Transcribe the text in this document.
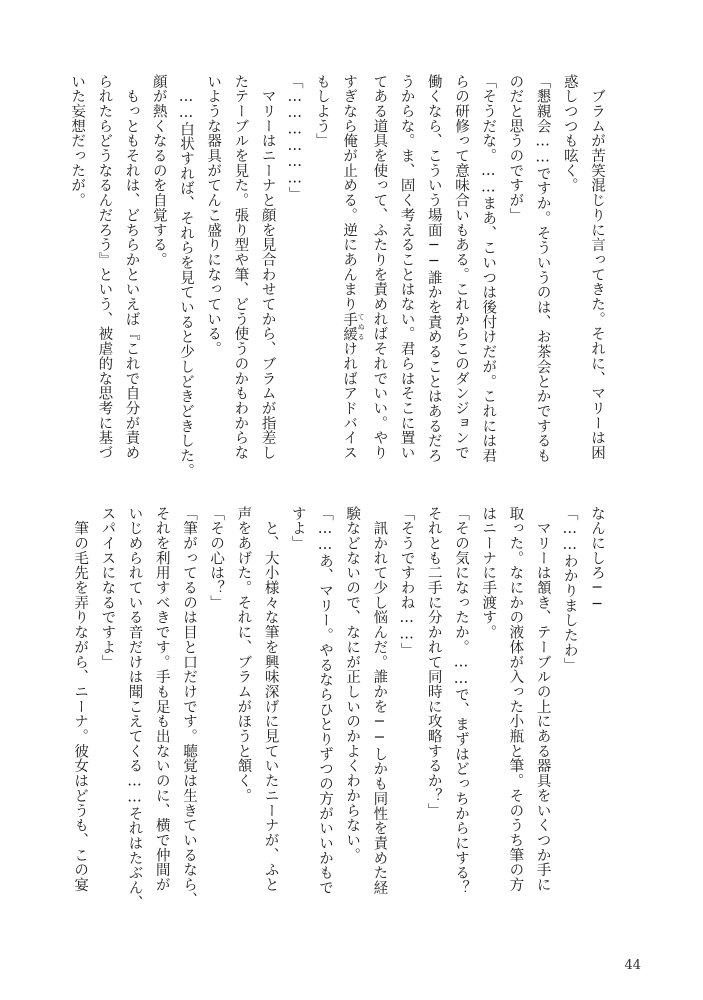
　ブラムが苦笑混じりに言ってきた。それに、マリーは困
惑しつつも呟く。
「懇親会……ですか。そういうのは、お茶会とかでするも
のだと思うのですが」
「そうだな。……まあ、こいつは後付けだが。これには君
らの研修って意味合いもある。これからこのダンジョンで
働くなら、こういう場面──誰かを責めることはあるだろ
うからな。ま、固く考えることはない。君らはそこに置い
てある道具を使って、ふたりを責めればそれでいい。やり
すぎなら俺が止める。逆にあんまり手緩 てぬるければアドバイス
もしよう」
「………………」
　マリーはニーナと顔を見合わせてから、ブラムが指差し
たテーブルを見た。張り型や筆、どう使うのかもわからな
いような器具がてんこ盛りになっている。
　……白状すれば、それらを見ていると少しどきどきした。
顔が熱くなるのを自覚する。
　もっともそれは、どちらかといえば『これで自分が責め
られたらどうなるんだろう』という、被虐的な思考に基づ
いた妄想だったが。
なんにしろ──
「……わかりましたわ」
　マリーは頷き、テーブルの上にある器具をいくつか手に
取った。なにかの液体が入った小瓶と筆。そのうち筆の方
はニーナに手渡す。
「その気になったか。……で、まずはどっちからにする？
それとも二手に分かれて同時に攻略するか？」
「そうですわね……」
　訊かれて少し悩んだ。誰かを──しかも同性を責めた経
験などないので、なにが正しいのかよくわからない。
「……あ、マリー。やるならひとりずつの方がいいかもで
すよ」
　と、大小様々な筆を興味深げに見ていたニーナが、ふと
声をあげた。それに、ブラムがほうと頷く。
「その心は？」
「筆がってるのは目と口だけです。聴覚は生きているなら、
それを利用すべきです。手も足も出ないのに、横で仲間が
いじめられている音だけは聞こえてくる……それはたぶん、
スパイスになるですよ」
　筆の毛先を弄りながら、ニーナ。彼女はどうも、この宴
44
